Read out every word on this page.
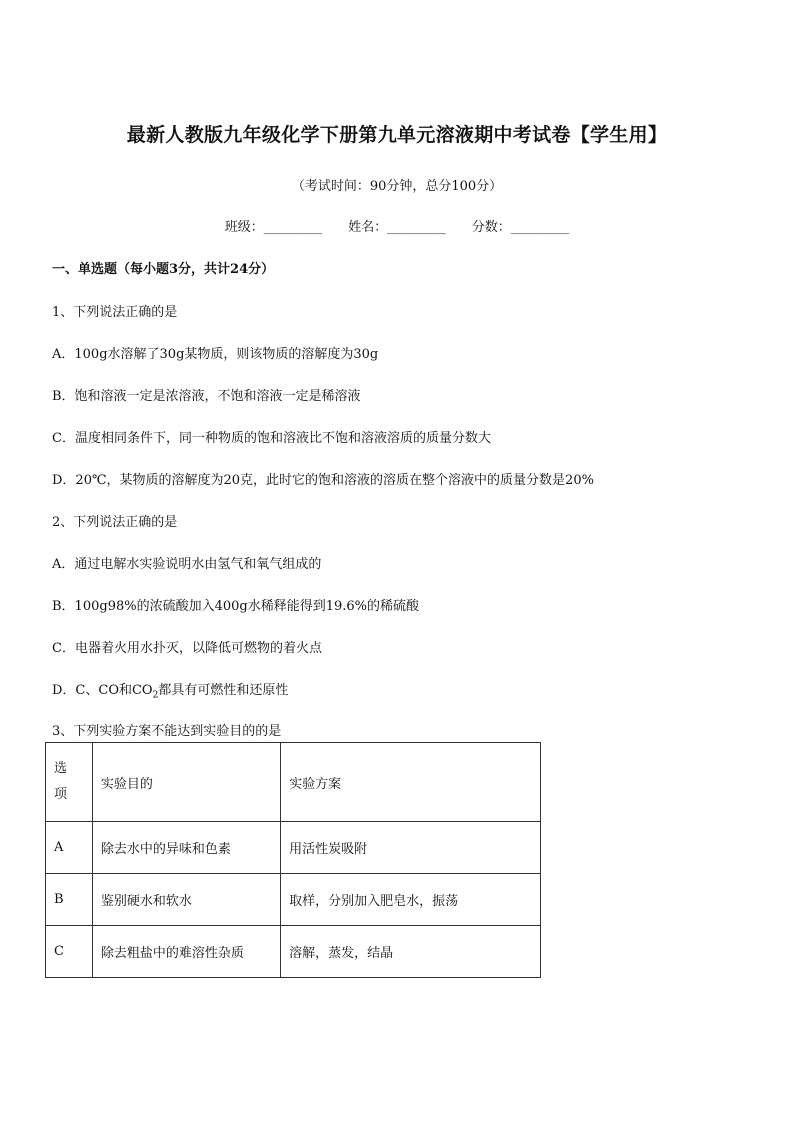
最新人教版九年级化学下册第九单元溶液期中考试卷【学生用】
（考试时间：90分钟，总分100分）
班级：_________ 姓名：_________ 分数：_________
一、单选题（每小题3分，共计24分）
1、下列说法正确的是
A．100g水溶解了30g某物质，则该物质的溶解度为30g
B．饱和溶液一定是浓溶液，不饱和溶液一定是稀溶液
C．温度相同条件下，同一种物质的饱和溶液比不饱和溶液溶质的质量分数大
D．20℃，某物质的溶解度为20克，此时它的饱和溶液的溶质在整个溶液中的质量分数是20%
2、下列说法正确的是
A．通过电解水实验说明水由氢气和氧气组成的
B．100g98%的浓硫酸加入400g水稀释能得到19.6%的稀硫酸
C．电器着火用水扑灭，以降低可燃物的着火点
D．C、CO和$CO_2$都具有可燃性和还原性
3、下列实验方案不能达到实验目的的是
选
项	实验目的	实验方案
A	除去水中的异味和色素	用活性炭吸附
B	鉴别硬水和软水	取样，分别加入肥皂水，振荡
C	除去粗盐中的难溶性杂质	溶解，蒸发，结晶
